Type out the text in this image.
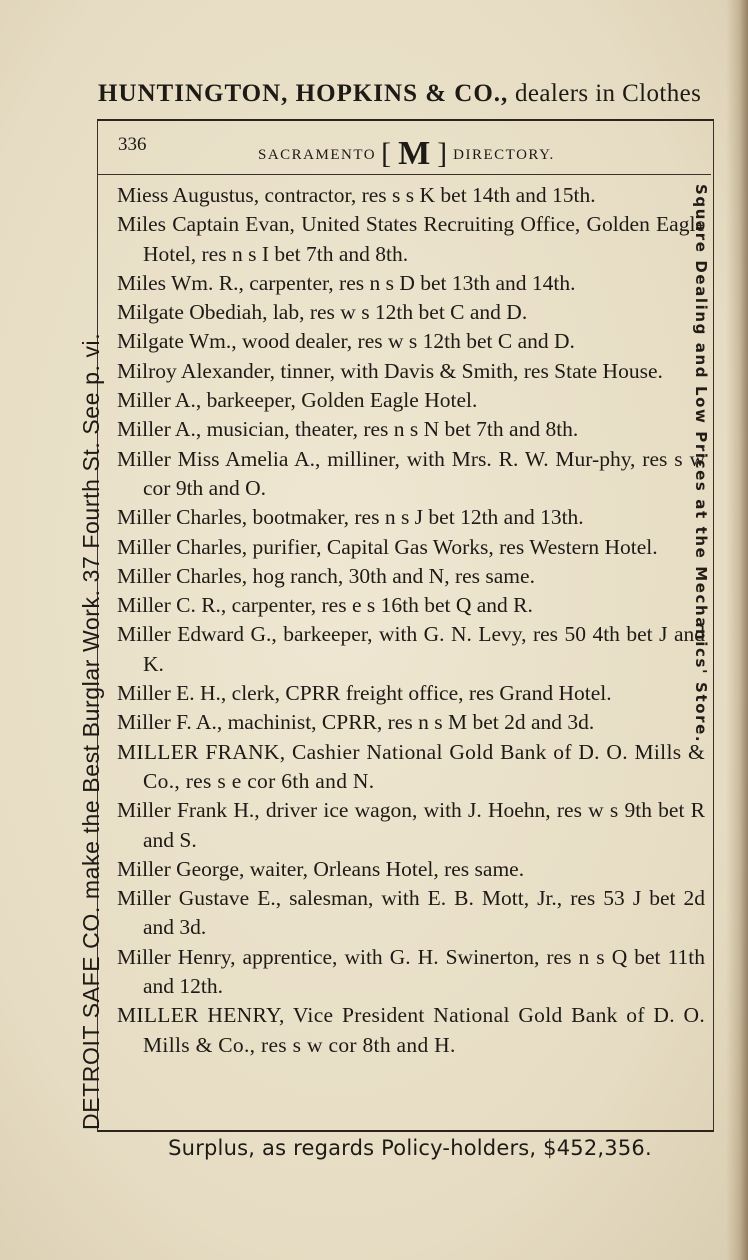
HUNTINGTON, HOPKINS & CO., dealers in Clothes
336	SACRAMENTO [ M ] DIRECTORY.
Miess Augustus, contractor, res s s K bet 14th and 15th.
Miles Captain Evan, United States Recruiting Office, Golden Eagle Hotel, res n s I bet 7th and 8th.
Miles Wm. R., carpenter, res n s D bet 13th and 14th.
Milgate Obediah, lab, res w s 12th bet C and D.
Milgate Wm., wood dealer, res w s 12th bet C and D.
Milroy Alexander, tinner, with Davis & Smith, res State House.
Miller A., barkeeper, Golden Eagle Hotel.
Miller A., musician, theater, res n s N bet 7th and 8th.
Miller Miss Amelia A., milliner, with Mrs. R. W. Mur-phy, res s w cor 9th and O.
Miller Charles, bootmaker, res n s J bet 12th and 13th.
Miller Charles, purifier, Capital Gas Works, res Western Hotel.
Miller Charles, hog ranch, 30th and N, res same.
Miller C. R., carpenter, res e s 16th bet Q and R.
Miller Edward G., barkeeper, with G. N. Levy, res 50 4th bet J and K.
Miller E. H., clerk, CPRR freight office, res Grand Hotel.
Miller F. A., machinist, CPRR, res n s M bet 2d and 3d.
MILLER FRANK, Cashier National Gold Bank of D. O. Mills & Co., res s e cor 6th and N.
Miller Frank H., driver ice wagon, with J. Hoehn, res w s 9th bet R and S.
Miller George, waiter, Orleans Hotel, res same.
Miller Gustave E., salesman, with E. B. Mott, Jr., res 53 J bet 2d and 3d.
Miller Henry, apprentice, with G. H. Swinerton, res n s Q bet 11th and 12th.
MILLER HENRY, Vice President National Gold Bank of D. O. Mills & Co., res s w cor 8th and H.
DETROIT SAFE CO. make the Best Burglar Work. 37 Fourth St. See p. vi.	Square Dealing and Low Prices at the Mechanics' Store.
Surplus, as regards Policy-holders, $452,356.
